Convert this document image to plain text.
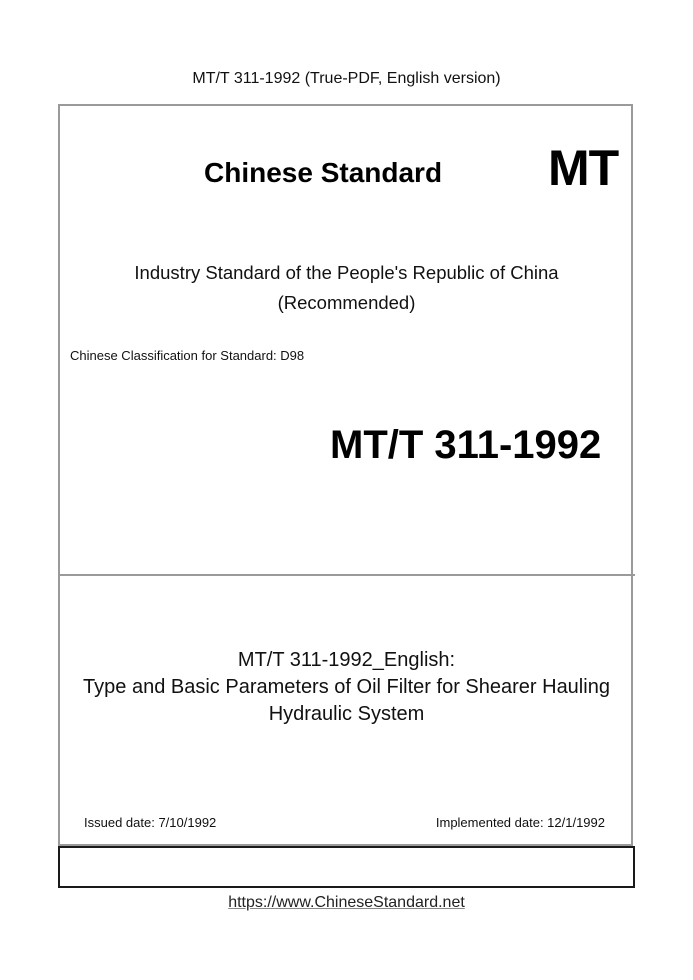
MT/T 311-1992 (True-PDF, English version)
Chinese Standard MT
Industry Standard of the People's Republic of China
(Recommended)
Chinese Classification for Standard: D98
MT/T 311-1992
MT/T 311-1992_English:
Type and Basic Parameters of Oil Filter for Shearer Hauling
Hydraulic System
Issued date: 7/10/1992	Implemented date: 12/1/1992
https://www.ChineseStandard.net
